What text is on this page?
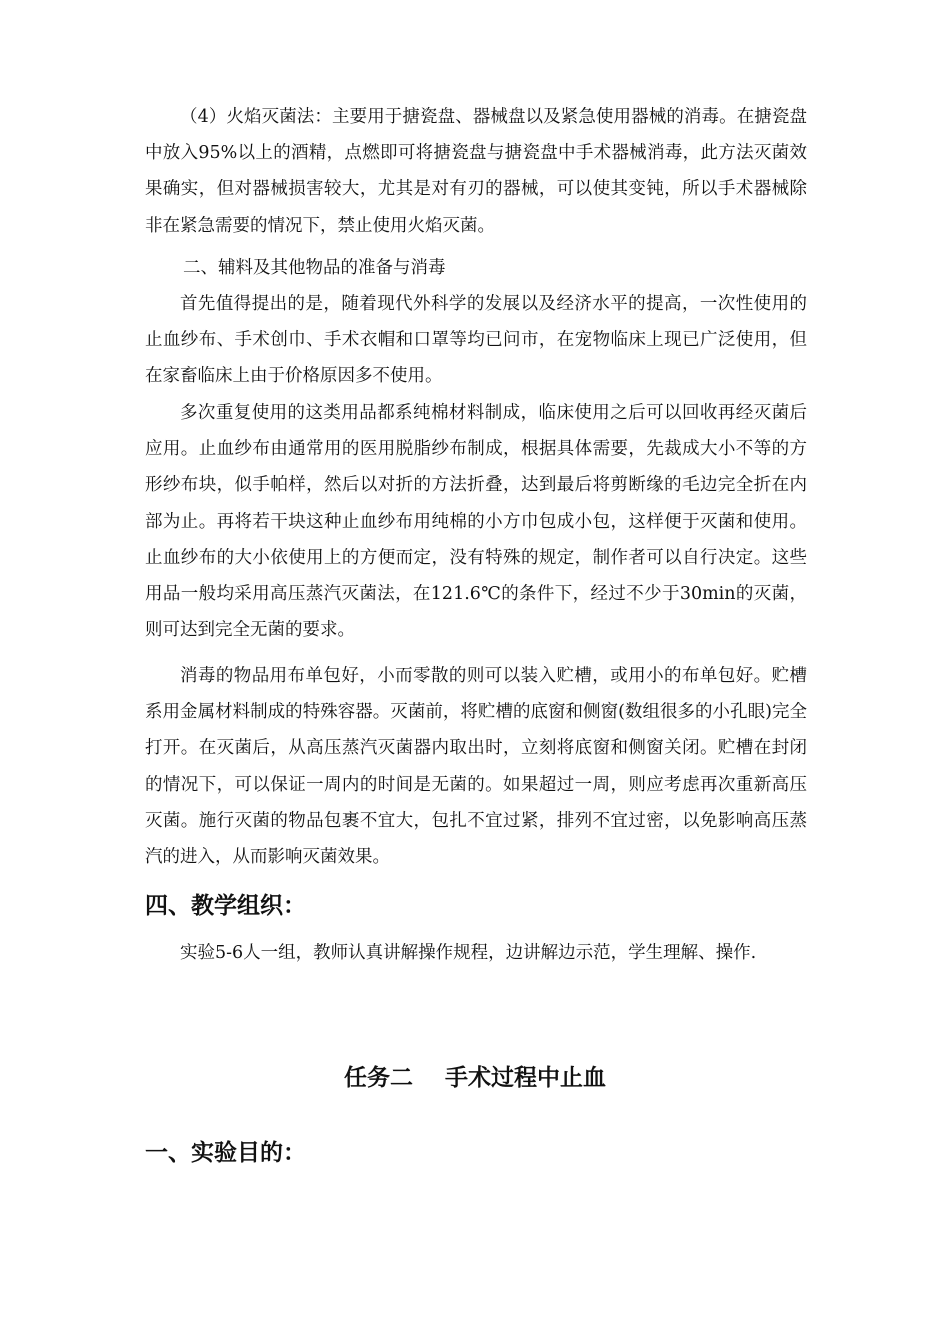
（4）火焰灭菌法：主要用于搪瓷盘、器械盘以及紧急使用器械的消毒。在搪瓷盘中放入95%以上的酒精，点燃即可将搪瓷盘与搪瓷盘中手术器械消毒，此方法灭菌效果确实，但对器械损害较大，尤其是对有刃的器械，可以使其变钝，所以手术器械除非在紧急需要的情况下，禁止使用火焰灭菌。

二、辅料及其他物品的准备与消毒

首先值得提出的是，随着现代外科学的发展以及经济水平的提高，一次性使用的止血纱布、手术创巾、手术衣帽和口罩等均已问市，在宠物临床上现已广泛使用，但在家畜临床上由于价格原因多不使用。

多次重复使用的这类用品都系纯棉材料制成，临床使用之后可以回收再经灭菌后应用。止血纱布由通常用的医用脱脂纱布制成，根据具体需要，先裁成大小不等的方形纱布块，似手帕样，然后以对折的方法折叠，达到最后将剪断缘的毛边完全折在内部为止。再将若干块这种止血纱布用纯棉的小方巾包成小包，这样便于灭菌和使用。止血纱布的大小依使用上的方便而定，没有特殊的规定，制作者可以自行决定。这些用品一般均采用高压蒸汽灭菌法，在121.6℃的条件下，经过不少于30min的灭菌，则可达到完全无菌的要求。

消毒的物品用布单包好，小而零散的则可以装入贮槽，或用小的布单包好。贮槽系用金属材料制成的特殊容器。灭菌前，将贮槽的底窗和侧窗(数组很多的小孔眼)完全打开。在灭菌后，从高压蒸汽灭菌器内取出时，立刻将底窗和侧窗关闭。贮槽在封闭的情况下，可以保证一周内的时间是无菌的。如果超过一周，则应考虑再次重新高压灭菌。施行灭菌的物品包裹不宜大，包扎不宜过紧，排列不宜过密，以免影响高压蒸汽的进入，从而影响灭菌效果。

四、教学组织：

实验5-6人一组，教师认真讲解操作规程，边讲解边示范，学生理解、操作.

任务二    手术过程中止血
一、实验目的：
